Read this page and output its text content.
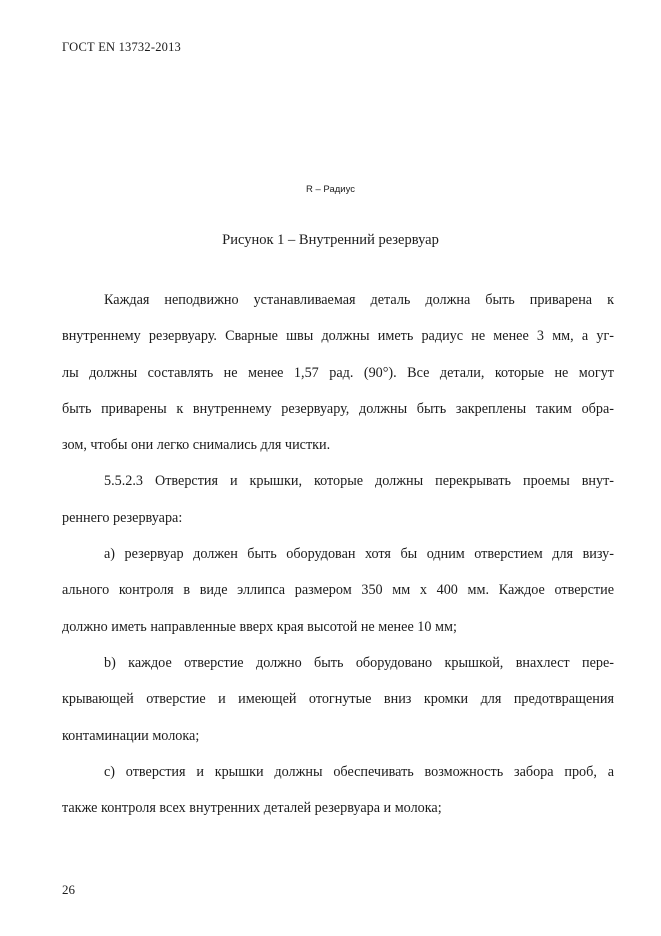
ГОСТ EN 13732-2013
R – Радиус
Рисунок 1 – Внутренний резервуар
Каждая неподвижно устанавливаемая деталь должна быть приварена к
внутреннему резервуару. Сварные швы должны иметь радиус не менее 3 мм, а уг-
лы должны составлять не менее 1,57 рад. (90°). Все детали, которые не могут
быть приварены к внутреннему резервуару, должны быть закреплены таким обра-
зом, чтобы они легко снимались для чистки.
5.5.2.3 Отверстия и крышки, которые должны перекрывать проемы внут-
реннего резервуара:
a) резервуар должен быть оборудован хотя бы одним отверстием для визу-
ального контроля в виде эллипса размером 350 мм х 400 мм. Каждое отверстие
должно иметь направленные вверх края высотой не менее 10 мм;
b) каждое отверстие должно быть оборудовано крышкой, внахлест пере-
крывающей отверстие и имеющей отогнутые вниз кромки для предотвращения
контаминации молока;
c) отверстия и крышки должны обеспечивать возможность забора проб, а
также контроля всех внутренних деталей резервуара и молока;
26
